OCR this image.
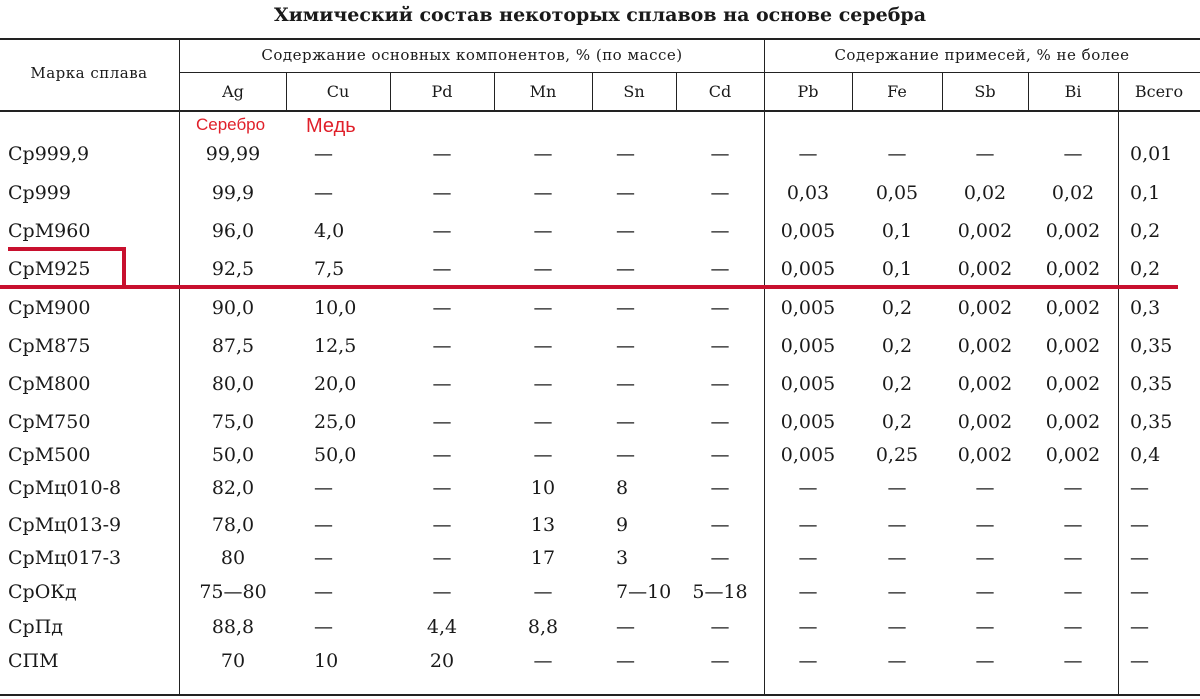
Химический состав некоторых сплавов на основе серебра
Марка сплава
Содержание основных компонентов, % (по массе)	Содержание примесей, % не более
Ag	Cu	Pd	Mn	Sn	Cd	Pb	Fe	Sb	Bi	Всего
Серебро Медь
Ср999,9	99,99	—	—	—	—	—	—	—	—	—	0,01
Ср999	99,9	—	—	—	—	—	0,03	0,05	0,02	0,02	0,1
СрМ960	96,0	4,0	—	—	—	—	0,005	0,1	0,002	0,002	0,2
СрМ925	92,5	7,5	—	—	—	—	0,005	0,1	0,002	0,002	0,2
СрМ900	90,0	10,0	—	—	—	—	0,005	0,2	0,002	0,002	0,3
СрМ875	87,5	12,5	—	—	—	—	0,005	0,2	0,002	0,002	0,35
СрМ800	80,0	20,0	—	—	—	—	0,005	0,2	0,002	0,002	0,35
СрМ750	75,0	25,0	—	—	—	—	0,005	0,2	0,002	0,002	0,35
СрМ500	50,0	50,0	—	—	—	—	0,005	0,25	0,002	0,002	0,4
СрМц010-8	82,0	—	—	10	8	—	—	—	—	—	—
СрМц013-9	78,0	—	—	13	9	—	—	—	—	—	—
СрМц017-3	80	—	—	17	3	—	—	—	—	—	—
СрОКд	75—80	—	—	—	7—10	5—18	—	—	—	—	—
СрПд	88,8	—	4,4	8,8	—	—	—	—	—	—	—
СПМ	70	10	20	—	—	—	—	—	—	—	—
